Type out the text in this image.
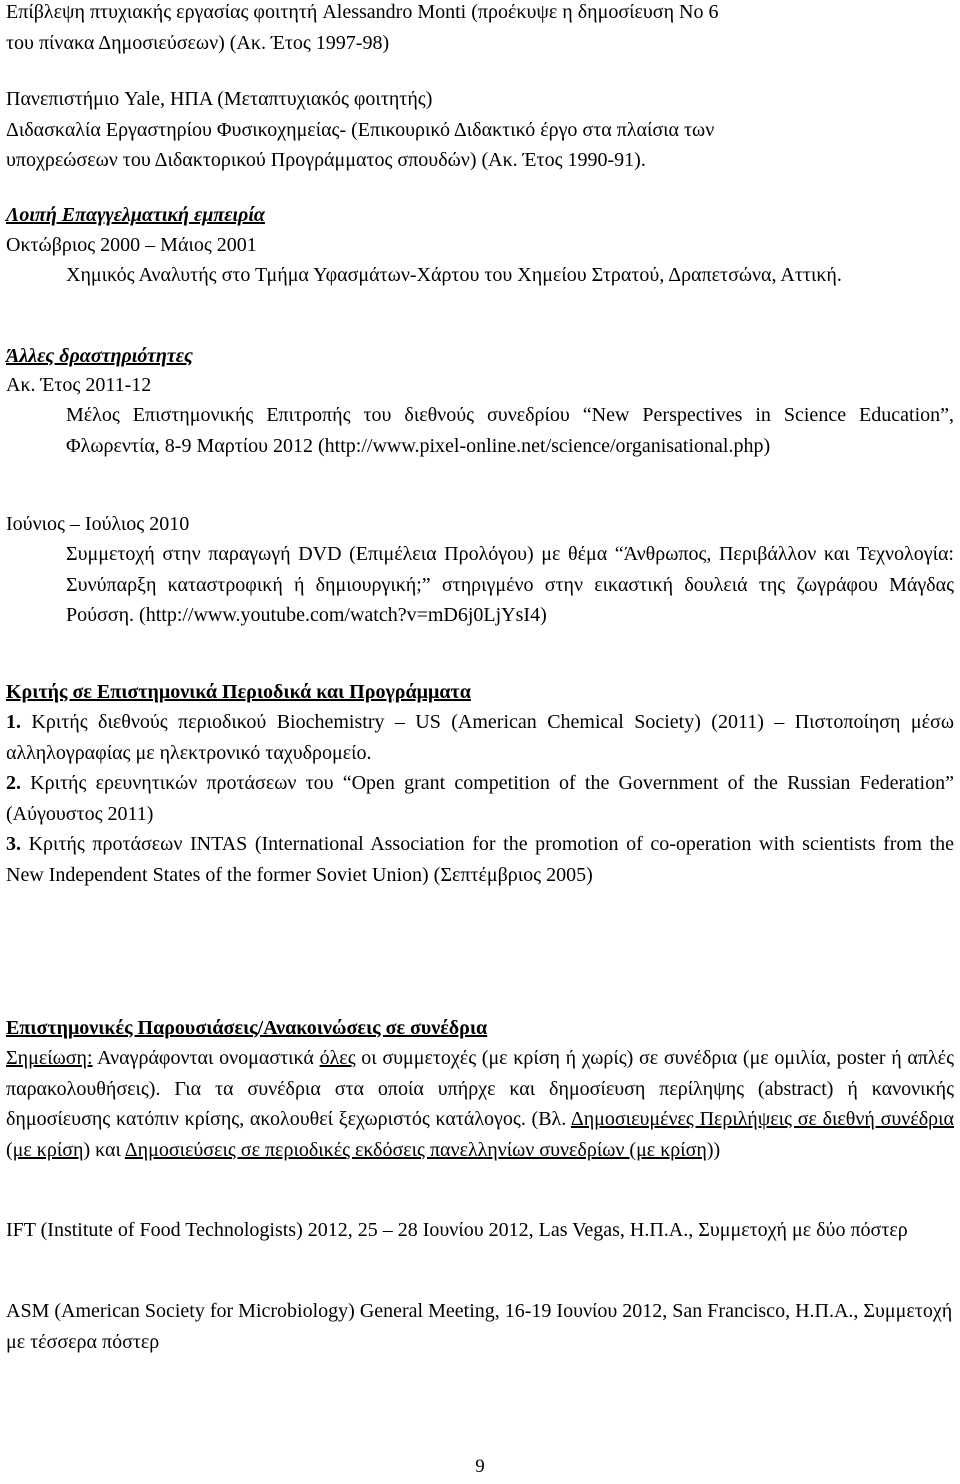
Επίβλεψη πτυχιακής εργασίας φοιτητή Alessandro Monti (προέκυψε η δημοσίευση Νο 6
του πίνακα Δημοσιεύσεων) (Ακ. Έτος 1997-98)

Πανεπιστήμιο Yale, ΗΠΑ (Μεταπτυχιακός φοιτητής)
Διδασκαλία Εργαστηρίου Φυσικοχημείας- (Επικουρικό Διδακτικό έργο στα πλαίσια των
υποχρεώσεων του Διδακτορικού Προγράμματος σπουδών) (Ακ. Έτος 1990-91).

Λοιπή Επαγγελματική εμπειρία

Οκτώβριος 2000 – Μάιος 2001

Χημικός Αναλυτής στο Τμήμα Υφασμάτων-Χάρτου του Χημείου Στρατού, Δραπετσώνα, Αττική.

Άλλες δραστηριότητες

Ακ. Έτος 2011-12

Μέλος Επιστημονικής Επιτροπής του διεθνούς συνεδρίου “New Perspectives in Science Education”, Φλωρεντία, 8-9 Μαρτίου 2012 (http://www.pixel-online.net/science/organisational.php)

Ιούνιος – Ιούλιος 2010

Συμμετοχή στην παραγωγή DVD (Επιμέλεια Προλόγου) με θέμα “Άνθρωπος, Περιβάλλον και Τεχνολογία: Συνύπαρξη καταστροφική ή δημιουργική;” στηριγμένο στην εικαστική δουλειά της ζωγράφου Μάγδας Ρούσση. (http://www.youtube.com/watch?v=mD6j0LjYsI4)

Κριτής σε Επιστημονικά Περιοδικά και Προγράμματα

1. Κριτής διεθνούς περιοδικού Biochemistry – US (American Chemical Society) (2011) – Πιστοποίηση μέσω αλληλογραφίας με ηλεκτρονικό ταχυδρομείο.

2. Κριτής ερευνητικών προτάσεων του “Open grant competition of the Government of the Russian Federation” (Αύγουστος 2011)

3. Κριτής προτάσεων INTAS (International Association for the promotion of co-operation with scientists from the New Independent States of the former Soviet Union) (Σεπτέμβριος 2005)

Επιστημονικές Παρουσιάσεις/Ανακοινώσεις σε συνέδρια

Σημείωση: Αναγράφονται ονομαστικά όλες οι συμμετοχές (με κρίση ή χωρίς) σε συνέδρια (με ομιλία, poster ή απλές παρακολουθήσεις). Για τα συνέδρια στα οποία υπήρχε και δημοσίευση περίληψης (abstract) ή κανονικής δημοσίευσης κατόπιν κρίσης, ακολουθεί ξεχωριστός κατάλογος. (Βλ. Δημοσιευμένες Περιλήψεις σε διεθνή συνέδρια (με κρίση) και Δημοσιεύσεις σε περιοδικές εκδόσεις πανελληνίων συνεδρίων (με κρίση))

IFT (Institute of Food Technologists) 2012, 25 – 28 Ιουνίου 2012, Las Vegas, Η.Π.Α., Συμμετοχή με δύο πόστερ

ASM (American Society for Microbiology) General Meeting, 16-19 Ιουνίου 2012, San Francisco, Η.Π.Α., Συμμετοχή με τέσσερα πόστερ

9
